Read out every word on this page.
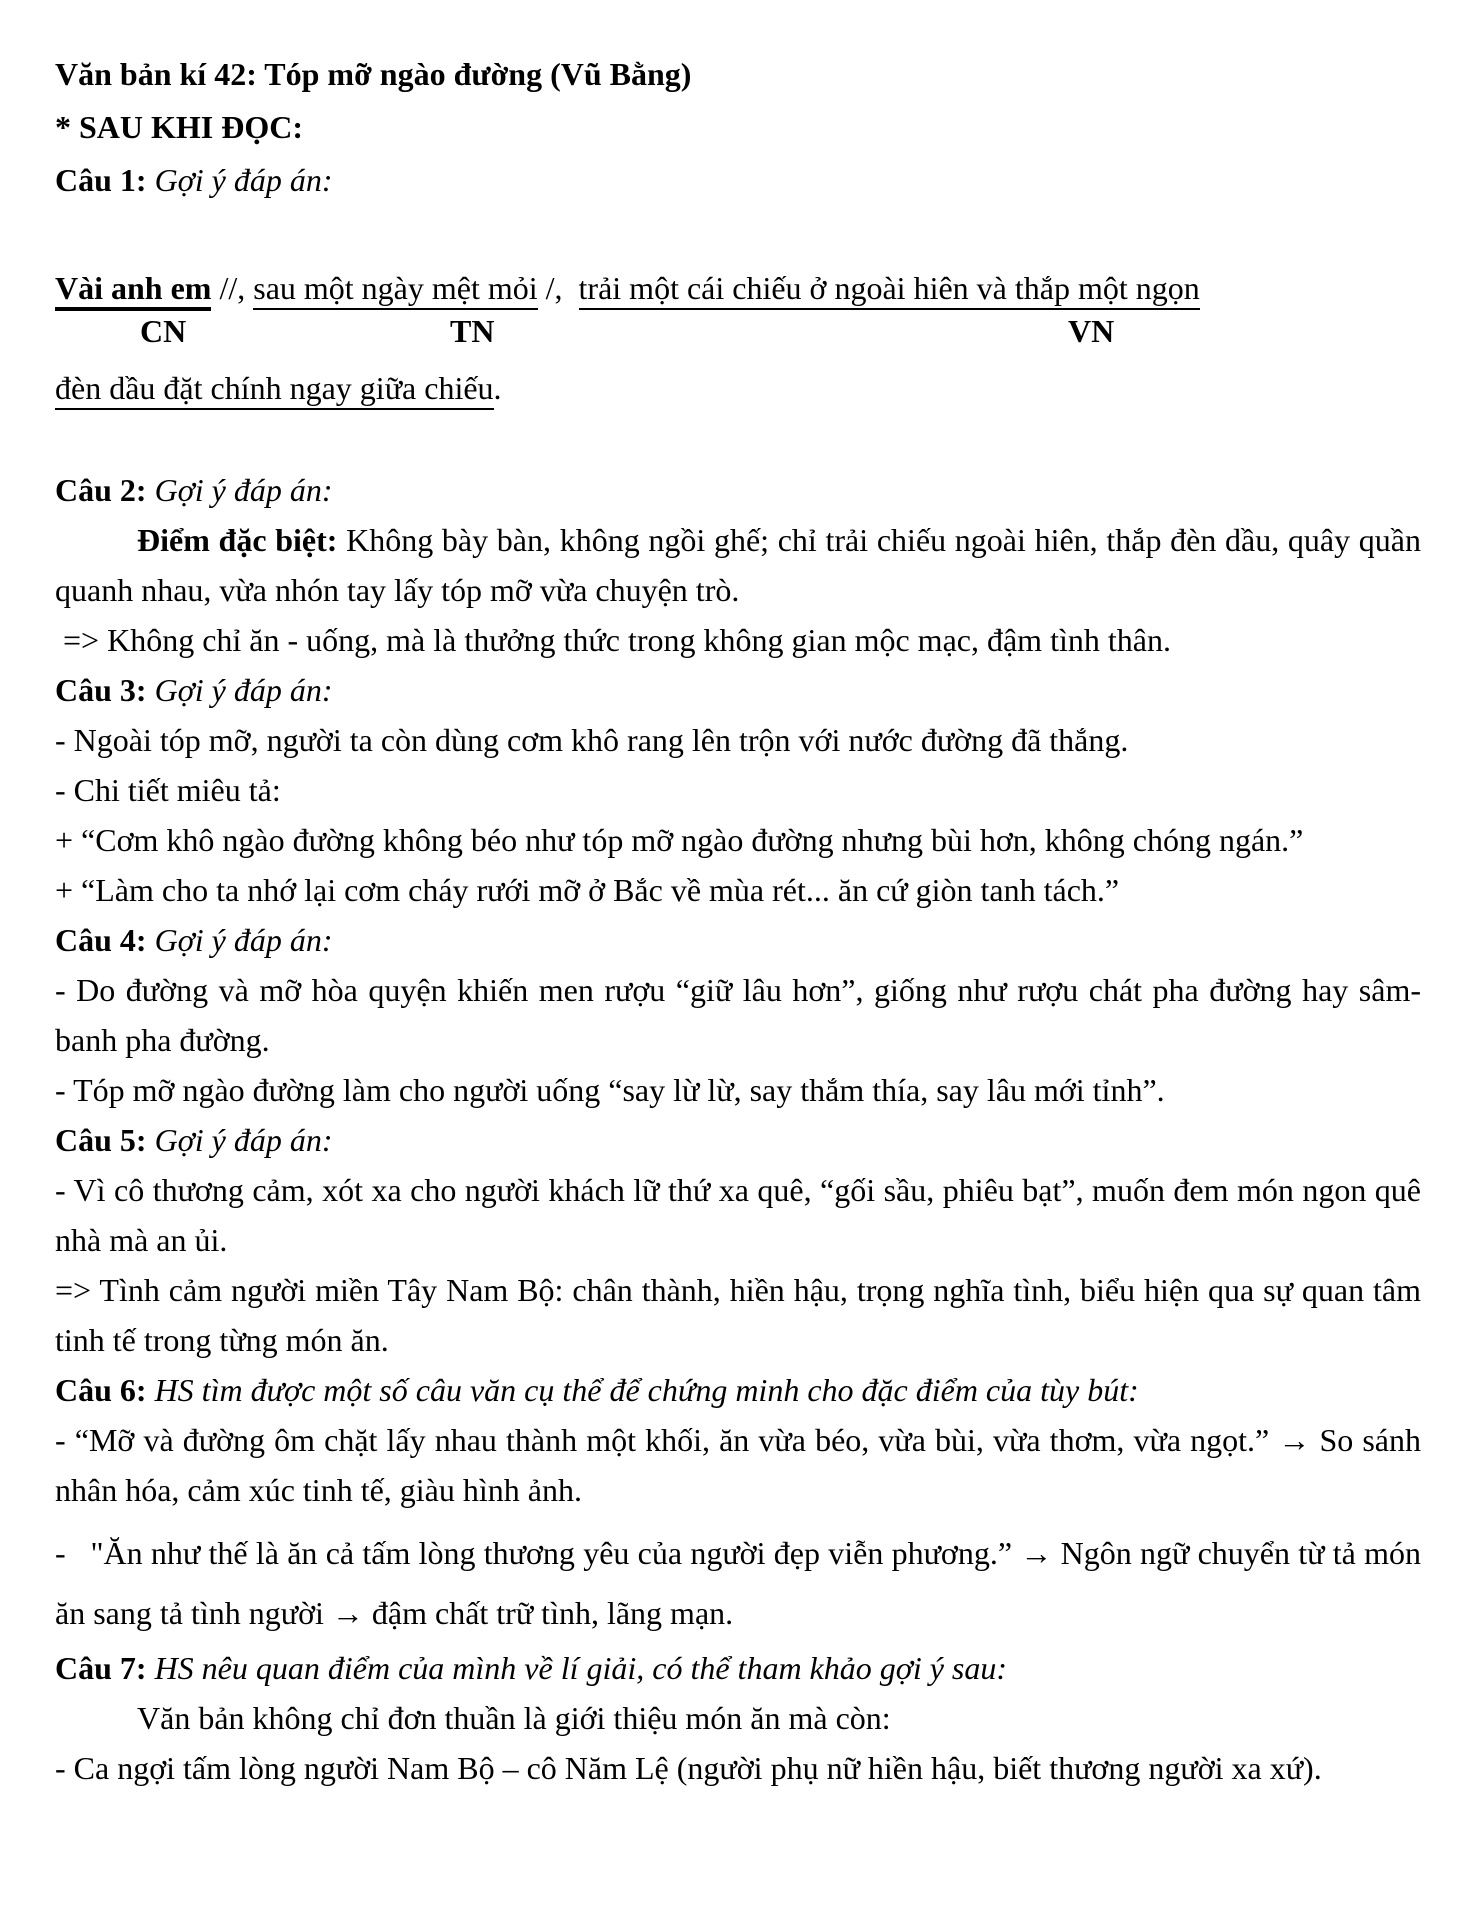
Văn bản kí 42: Tóp mỡ ngào đường (Vũ Bằng)

* SAU KHI ĐỌC:

Câu 1: Gợi ý đáp án:

Vài anh em //, sau một ngày mệt mỏi /,  trải một cái chiếu ở ngoài hiên và thắp một ngọn

CN	TN	VN

đèn dầu đặt chính ngay giữa chiếu.

Câu 2: Gợi ý đáp án:

Điểm đặc biệt: Không bày bàn, không ngồi ghế; chỉ trải chiếu ngoài hiên, thắp đèn dầu, quây quần quanh nhau, vừa nhón tay lấy tóp mỡ vừa chuyện trò.

=> Không chỉ ăn - uống, mà là thưởng thức trong không gian mộc mạc, đậm tình thân.

Câu 3: Gợi ý đáp án:

- Ngoài tóp mỡ, người ta còn dùng cơm khô rang lên trộn với nước đường đã thắng.

- Chi tiết miêu tả:

+ “Cơm khô ngào đường không béo như tóp mỡ ngào đường nhưng bùi hơn, không chóng ngán.”

+ “Làm cho ta nhớ lại cơm cháy rưới mỡ ở Bắc về mùa rét... ăn cứ giòn tanh tách.”

Câu 4: Gợi ý đáp án:

- Do đường và mỡ hòa quyện khiến men rượu “giữ lâu hơn”, giống như rượu chát pha đường hay sâm-banh pha đường.

- Tóp mỡ ngào đường làm cho người uống “say lừ lừ, say thắm thía, say lâu mới tỉnh”.

Câu 5: Gợi ý đáp án:

- Vì cô thương cảm, xót xa cho người khách lữ thứ xa quê, “gối sầu, phiêu bạt”, muốn đem món ngon quê nhà mà an ủi.

=> Tình cảm người miền Tây Nam Bộ: chân thành, hiền hậu, trọng nghĩa tình, biểu hiện qua sự quan tâm tinh tế trong từng món ăn.

Câu 6: HS tìm được một số câu văn cụ thể để chứng minh cho đặc điểm của tùy bút:

- “Mỡ và đường ôm chặt lấy nhau thành một khối, ăn vừa béo, vừa bùi, vừa thơm, vừa ngọt.” → So sánh nhân hóa, cảm xúc tinh tế, giàu hình ảnh.

-   "Ăn như thế là ăn cả tấm lòng thương yêu của người đẹp viễn phương.” → Ngôn ngữ chuyển từ tả món ăn sang tả tình người → đậm chất trữ tình, lãng mạn.

Câu 7: HS nêu quan điểm của mình về lí giải, có thể tham khảo gợi ý sau:

Văn bản không chỉ đơn thuần là giới thiệu món ăn mà còn:

- Ca ngợi tấm lòng người Nam Bộ – cô Năm Lệ (người phụ nữ hiền hậu, biết thương người xa xứ).
